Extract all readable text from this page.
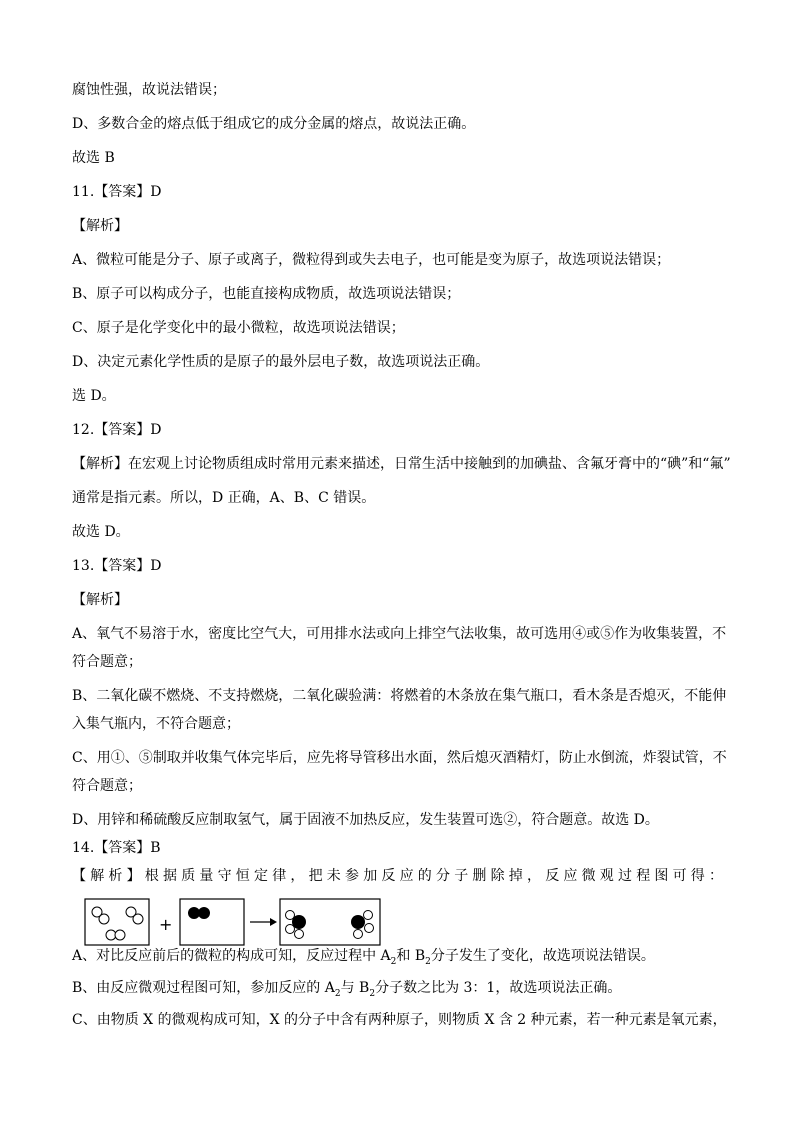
腐蚀性强，故说法错误；
D、多数合金的熔点低于组成它的成分金属的熔点，故说法正确。
故选 B
11.【答案】D
【解析】
A、微粒可能是分子、原子或离子，微粒得到或失去电子，也可能是变为原子，故选项说法错误；
B、原子可以构成分子，也能直接构成物质，故选项说法错误；
C、原子是化学变化中的最小微粒，故选项说法错误；
D、决定元素化学性质的是原子的最外层电子数，故选项说法正确。
选 D。
12.【答案】D
【解析】在宏观上讨论物质组成时常用元素来描述，日常生活中接触到的加碘盐、含氟牙膏中的“碘”和“氟”
通常是指元素。所以，D 正确，A、B、C 错误。
故选 D。
13.【答案】D
【解析】
A、氧气不易溶于水，密度比空气大，可用排水法或向上排空气法收集，故可选用④或⑤作为收集装置，不
符合题意；
B、二氧化碳不燃烧、不支持燃烧，二氧化碳验满：将燃着的木条放在集气瓶口，看木条是否熄灭，不能伸
入集气瓶内，不符合题意；
C、用①、⑤制取并收集气体完毕后，应先将导管移出水面，然后熄灭酒精灯，防止水倒流，炸裂试管，不
符合题意；
D、用锌和稀硫酸反应制取氢气，属于固液不加热反应，发生装置可选②，符合题意。故选 D。
14.【答案】B
【解析】根据质量守恒定律，把未参加反应的分子删除掉，反应微观过程图可得：
+
A、对比反应前后的微粒的构成可知，反应过程中 $A_2$和 $B_2$分子发生了变化，故选项说法错误。
B、由反应微观过程图可知，参加反应的 $A_2$与 $B_2$分子数之比为 3：1，故选项说法正确。
C、由物质 X 的微观构成可知，X 的分子中含有两种原子，则物质 X 含 2 种元素，若一种元素是氧元素，
